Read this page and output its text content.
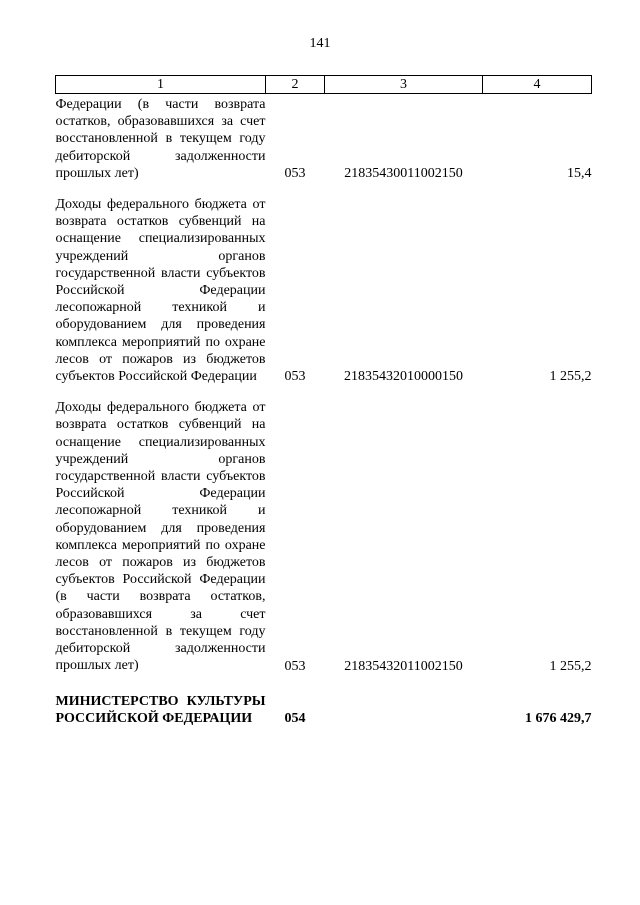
141
1	2	3	4
Федерации (в части возврата остатков, образовавшихся за счет восстановленной в текущем году дебиторской задолженности прошлых лет)	053	21835430011002150	15,4
Доходы федерального бюджета от возврата остатков субвенций на оснащение специализированных учреждений органов государственной власти субъектов Российской Федерации лесопожарной техникой и оборудованием для проведения комплекса мероприятий по охране лесов от пожаров из бюджетов субъектов Российской Федерации	053	21835432010000150	1 255,2
Доходы федерального бюджета от возврата остатков субвенций на оснащение специализированных учреждений органов государственной власти субъектов Российской Федерации лесопожарной техникой и оборудованием для проведения комплекса мероприятий по охране лесов от пожаров из бюджетов субъектов Российской Федерации (в части возврата остатков, образовавшихся за счет восстановленной в текущем году дебиторской задолженности прошлых лет)	053	21835432011002150	1 255,2
МИНИСТЕРСТВО КУЛЬТУРЫ РОССИЙСКОЙ ФЕДЕРАЦИИ	054		1 676 429,7
